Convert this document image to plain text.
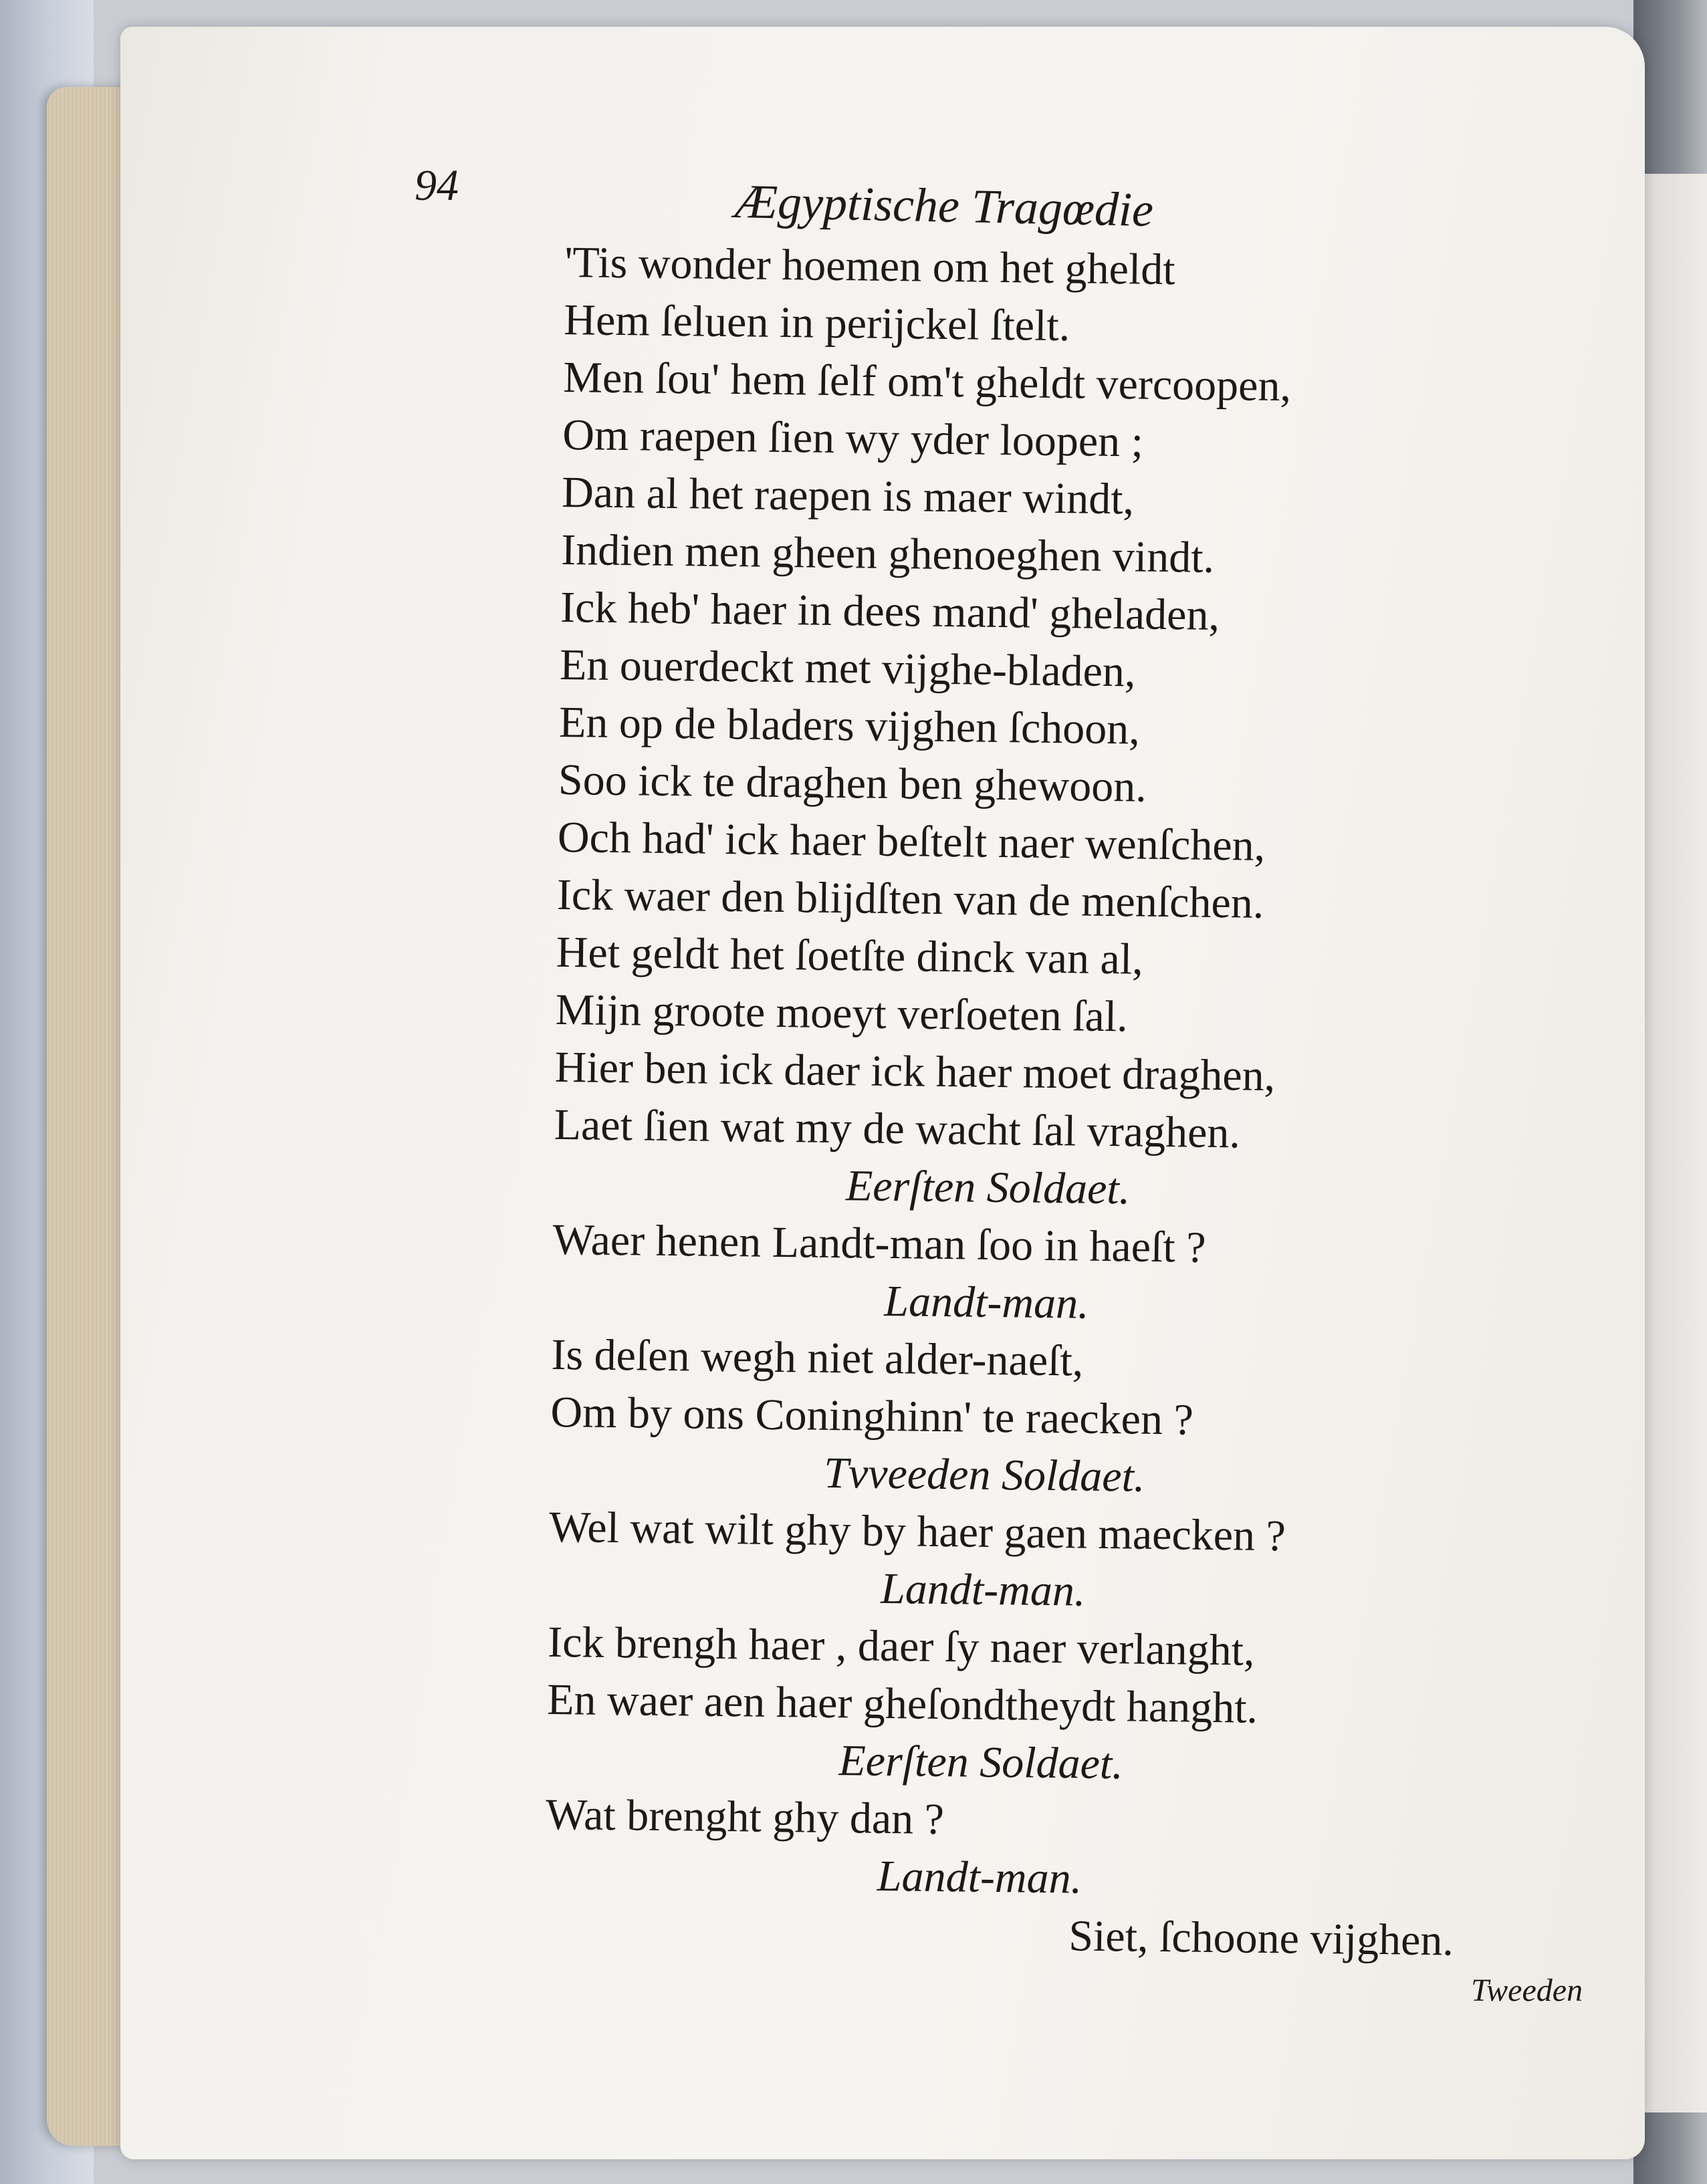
94	Ægyptische Tragœdie
'Tis wonder hoemen om het gheldt
Hem ſeluen in perijckel ſtelt.
Men ſou' hem ſelf om't gheldt vercoopen,
Om raepen ſien wy yder loopen ;
Dan al het raepen is maer windt,
Indien men gheen ghenoeghen vindt.
Ick heb' haer in dees mand' gheladen,
En ouerdeckt met vijghe-bladen,
En op de bladers vijghen ſchoon,
Soo ick te draghen ben ghewoon.
Och had' ick haer beſtelt naer wenſchen,
Ick waer den blijdſten van de menſchen.
Het geldt het ſoetſte dinck van al,
Mijn groote moeyt verſoeten ſal.
Hier ben ick daer ick haer moet draghen,
Laet ſien wat my de wacht ſal vraghen.
Eerſten Soldaet.
Waer henen Landt-man ſoo in haeſt ?
Landt-man.
Is deſen wegh niet alder-naeſt,
Om by ons Coninghinn' te raecken ?
Tvveeden Soldaet.
Wel wat wilt ghy by haer gaen maecken ?
Landt-man.
Ick brengh haer , daer ſy naer verlanght,
En waer aen haer gheſondtheydt hanght.
Eerſten Soldaet.
Wat brenght ghy dan ?
Landt-man.
Siet, ſchoone vijghen.
Tweeden
